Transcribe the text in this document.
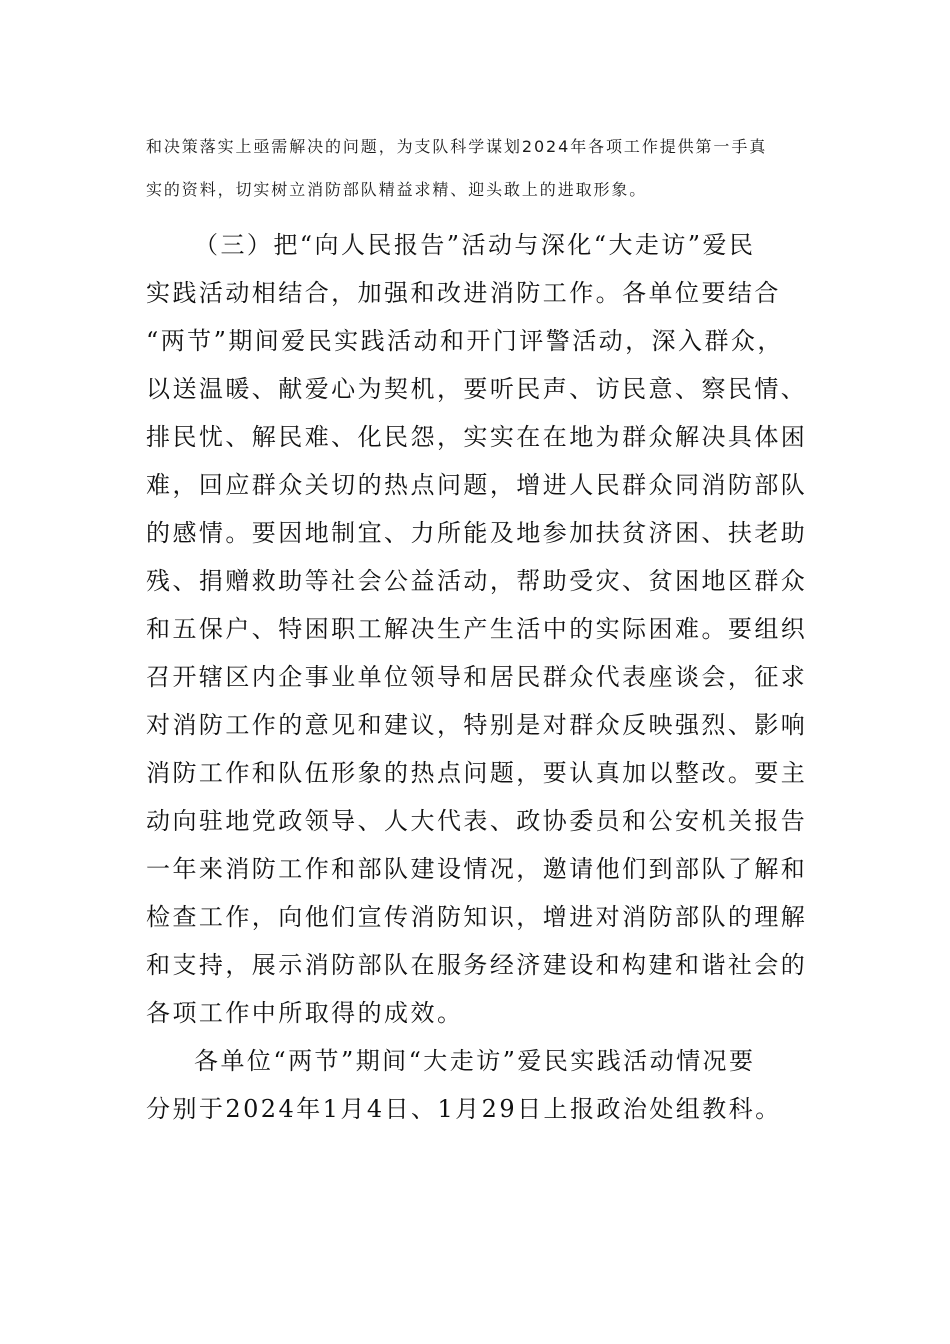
和决策落实上亟需解决的问题，为支队科学谋划2024年各项工作提供第一手真
实的资料，切实树立消防部队精益求精、迎头敢上的进取形象。
（三）把“向人民报告”活动与深化“大走访”爱民
实践活动相结合，加强和改进消防工作。各单位要结合
“两节”期间爱民实践活动和开门评警活动，深入群众，
以送温暖、献爱心为契机，要听民声、访民意、察民情、
排民忧、解民难、化民怨，实实在在地为群众解决具体困
难，回应群众关切的热点问题，增进人民群众同消防部队
的感情。要因地制宜、力所能及地参加扶贫济困、扶老助
残、捐赠救助等社会公益活动，帮助受灾、贫困地区群众
和五保户、特困职工解决生产生活中的实际困难。要组织
召开辖区内企事业单位领导和居民群众代表座谈会，征求
对消防工作的意见和建议，特别是对群众反映强烈、影响
消防工作和队伍形象的热点问题，要认真加以整改。要主
动向驻地党政领导、人大代表、政协委员和公安机关报告
一年来消防工作和部队建设情况，邀请他们到部队了解和
检查工作，向他们宣传消防知识，增进对消防部队的理解
和支持，展示消防部队在服务经济建设和构建和谐社会的
各项工作中所取得的成效。
各单位“两节”期间“大走访”爱民实践活动情况要
分别于2024年1月4日、1月29日上报政治处组教科。
